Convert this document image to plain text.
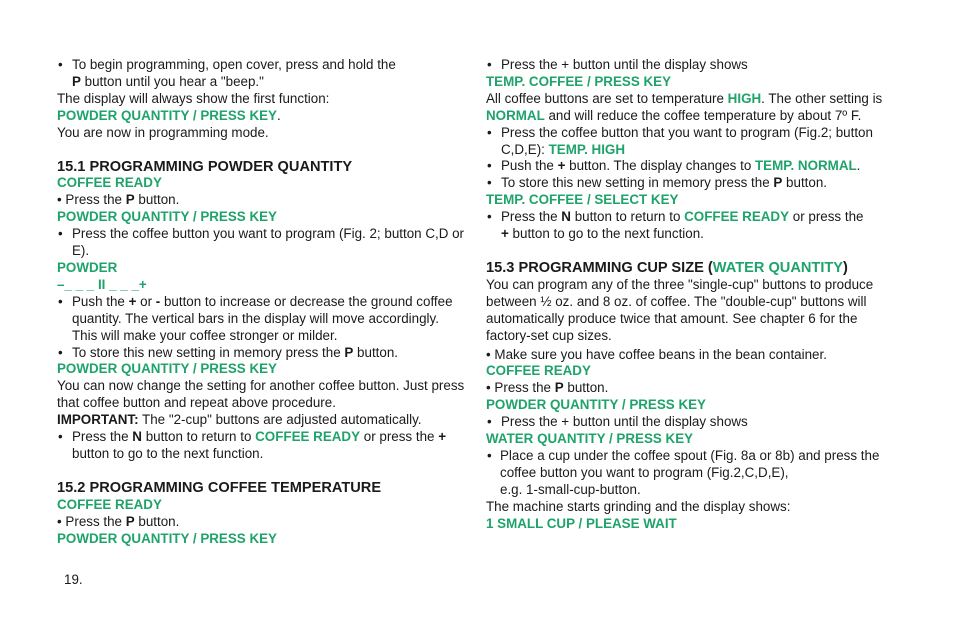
• To begin programming, open cover, press and hold the
P button until you hear a "beep."

The display will always show the first function:

POWDER QUANTITY / PRESS KEY.

You are now in programming mode.

15.1 PROGRAMMING POWDER QUANTITY

COFFEE READY

• Press the P button.

POWDER QUANTITY / PRESS KEY

• Press the coffee button you want to program (Fig. 2; button C,D or E).

POWDER

–_ _ _ II _ _ _+

• Push the + or - button to increase or decrease the ground coffee quantity. The vertical bars in the display will move accordingly. This will make your coffee stronger or milder.

• To store this new setting in memory press the P button.

POWDER QUANTITY / PRESS KEY

You can now change the setting for another coffee button. Just press that coffee button and repeat above procedure.

IMPORTANT: The "2-cup" buttons are adjusted automatically.

• Press the N button to return to COFFEE READY or press the + button to go to the next function.

15.2 PROGRAMMING COFFEE TEMPERATURE

COFFEE READY

• Press the P button.

POWDER QUANTITY / PRESS KEY

• Press the + button until the display shows

TEMP. COFFEE / PRESS KEY

All coffee buttons are set to temperature HIGH. The other setting is NORMAL and will reduce the coffee temperature by about 7º F.

• Press the coffee button that you want to program (Fig.2; button C,D,E): TEMP. HIGH

• Push the + button. The display changes to TEMP. NORMAL.

• To store this new setting in memory press the P button.

TEMP. COFFEE / SELECT KEY

• Press the N button to return to COFFEE READY or press the
+ button to go to the next function.

15.3 PROGRAMMING CUP SIZE (WATER QUANTITY)

You can program any of the three "single-cup" buttons to produce between ½ oz. and 8 oz. of coffee. The "double-cup" buttons will automatically produce twice that amount. See chapter 6 for the factory-set cup sizes.

• Make sure you have coffee beans in the bean container.

COFFEE READY

• Press the P button.

POWDER QUANTITY / PRESS KEY

• Press the + button until the display shows

WATER QUANTITY / PRESS KEY

• Place a cup under the coffee spout (Fig. 8a or 8b) and press the coffee button you want to program (Fig.2,C,D,E),
e.g. 1-small-cup-button.

The machine starts grinding and the display shows:

1 SMALL CUP / PLEASE WAIT

19.
